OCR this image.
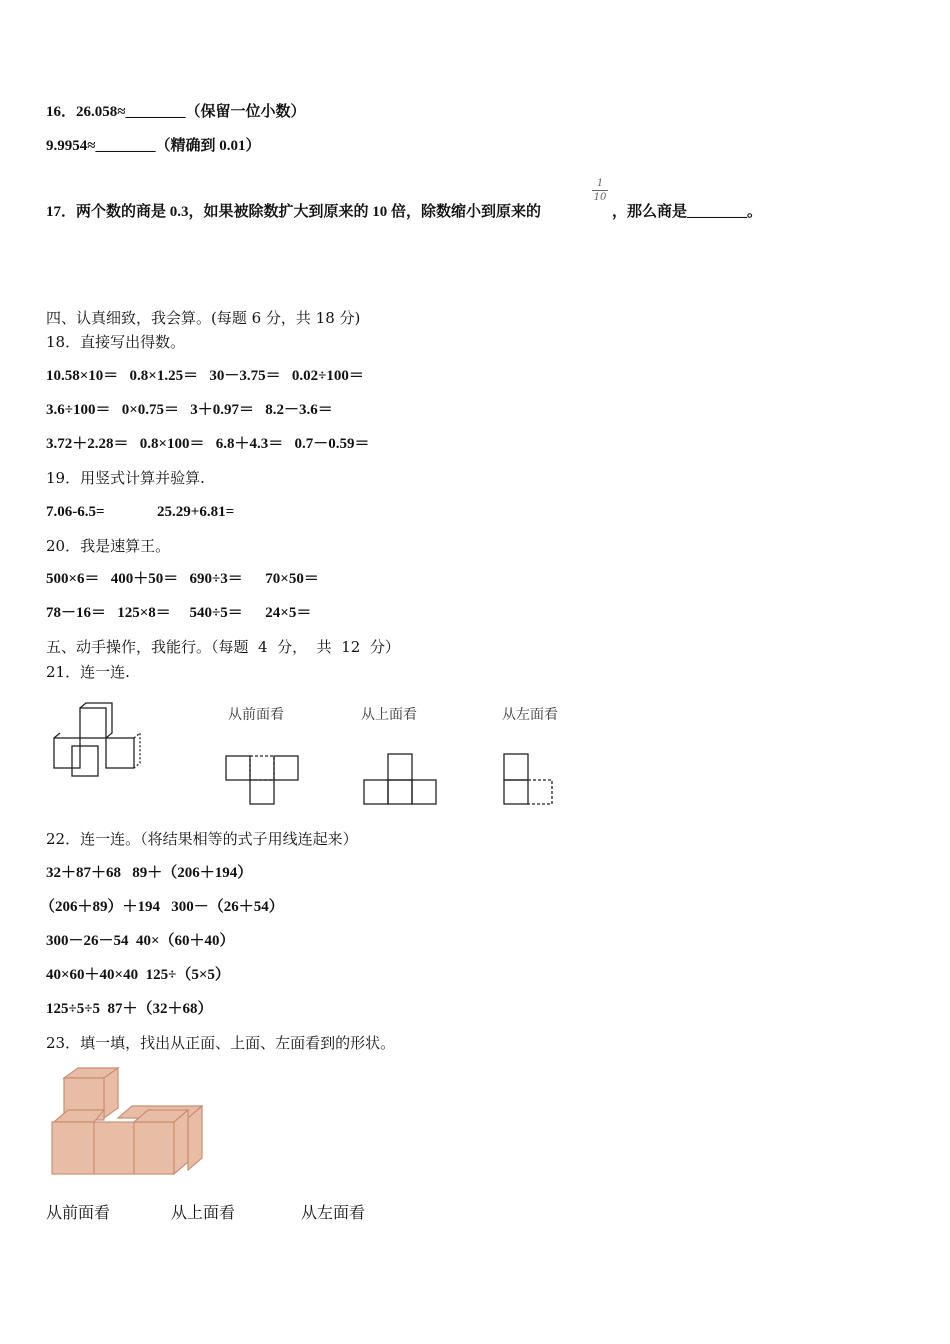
16．26.058≈________（保留一位小数）
9.9954≈________（精确到 0.01）
17．两个数的商是 0.3，如果被除数扩大到原来的 10 倍，除数缩小到原来的
1
10
，那么商是________。
四、认真细致，我会算。(每题 6 分，共 18 分)
18．直接写出得数。
10.58×10＝   0.8×1.25＝   30－3.75＝   0.02÷100＝
3.6÷100＝   0×0.75＝   3＋0.97＝   8.2－3.6＝
3.72＋2.28＝   0.8×100＝   6.8＋4.3＝   0.7－0.59＝
19．用竖式计算并验算.
7.06-6.5=              25.29+6.81=
20．我是速算王。
500×6＝   400＋50＝   690÷3＝      70×50＝
78－16＝   125×8＝     540÷5＝      24×5＝
五、动手操作，我能行。（每题  4  分，  共  12  分）
21．连一连.
从前面看	从上面看	从左面看
22．连一连。（将结果相等的式子用线连起来）
32＋87＋68   89＋（206＋194）
（206＋89）＋194   300－（26＋54）
300－26－54  40×（60＋40）
40×60＋40×40  125÷（5×5）
125÷5÷5  87＋（32＋68）
23．填一填，找出从正面、上面、左面看到的形状。
从前面看	从上面看	从左面看
